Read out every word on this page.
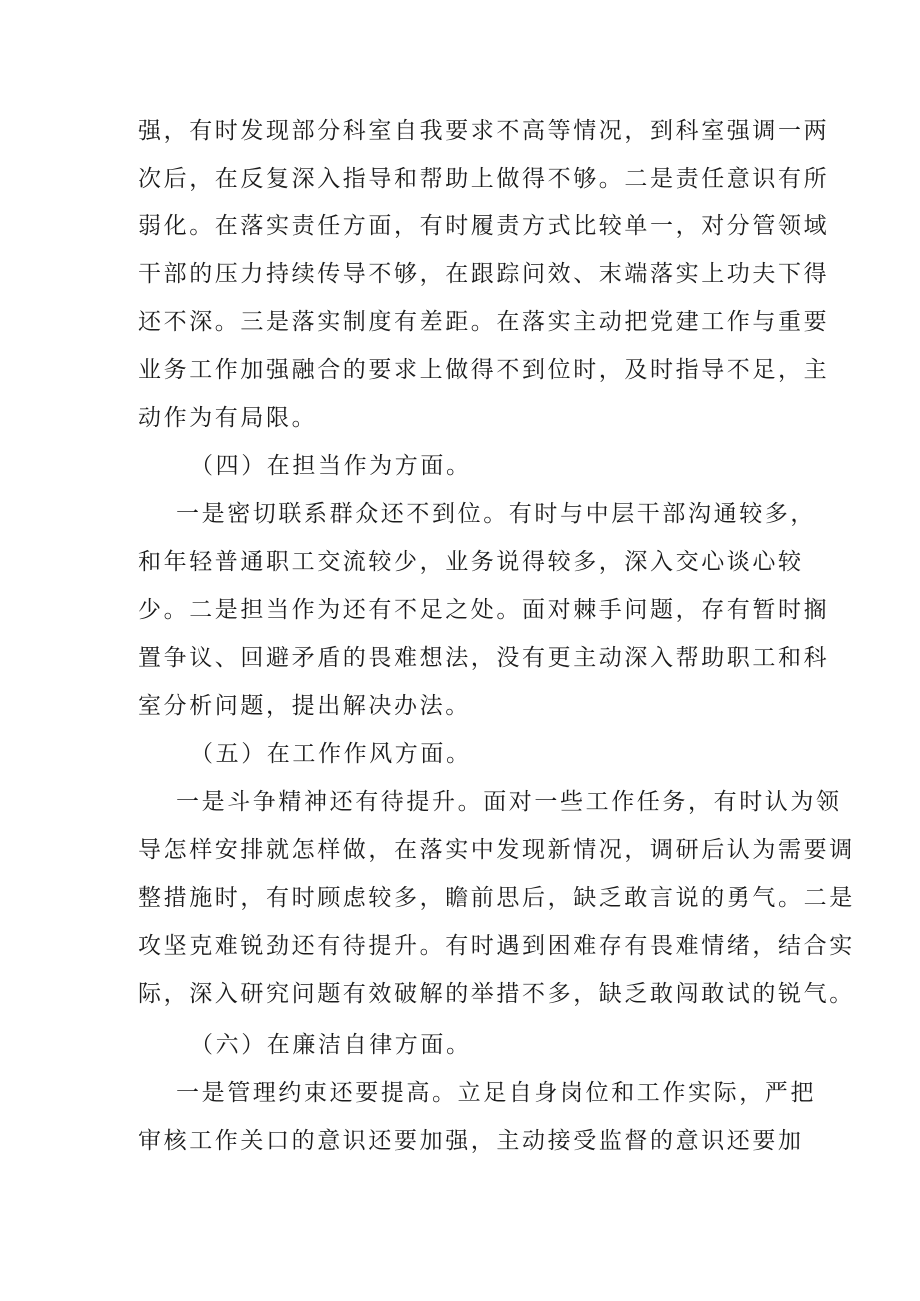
强，有时发现部分科室自我要求不高等情况，到科室强调一两
次后，在反复深入指导和帮助上做得不够。二是责任意识有所
弱化。在落实责任方面，有时履责方式比较单一，对分管领域
干部的压力持续传导不够，在跟踪问效、末端落实上功夫下得
还不深。三是落实制度有差距。在落实主动把党建工作与重要
业务工作加强融合的要求上做得不到位时，及时指导不足，主
动作为有局限。
（四）在担当作为方面。
一是密切联系群众还不到位。有时与中层干部沟通较多，
和年轻普通职工交流较少，业务说得较多，深入交心谈心较
少。二是担当作为还有不足之处。面对棘手问题，存有暂时搁
置争议、回避矛盾的畏难想法，没有更主动深入帮助职工和科
室分析问题，提出解决办法。
（五）在工作作风方面。
一是斗争精神还有待提升。面对一些工作任务，有时认为领
导怎样安排就怎样做，在落实中发现新情况，调研后认为需要调
整措施时，有时顾虑较多，瞻前思后，缺乏敢言说的勇气。二是
攻坚克难锐劲还有待提升。有时遇到困难存有畏难情绪，结合实
际，深入研究问题有效破解的举措不多，缺乏敢闯敢试的锐气。
（六）在廉洁自律方面。
一是管理约束还要提高。立足自身岗位和工作实际，严把
审核工作关口的意识还要加强，主动接受监督的意识还要加
